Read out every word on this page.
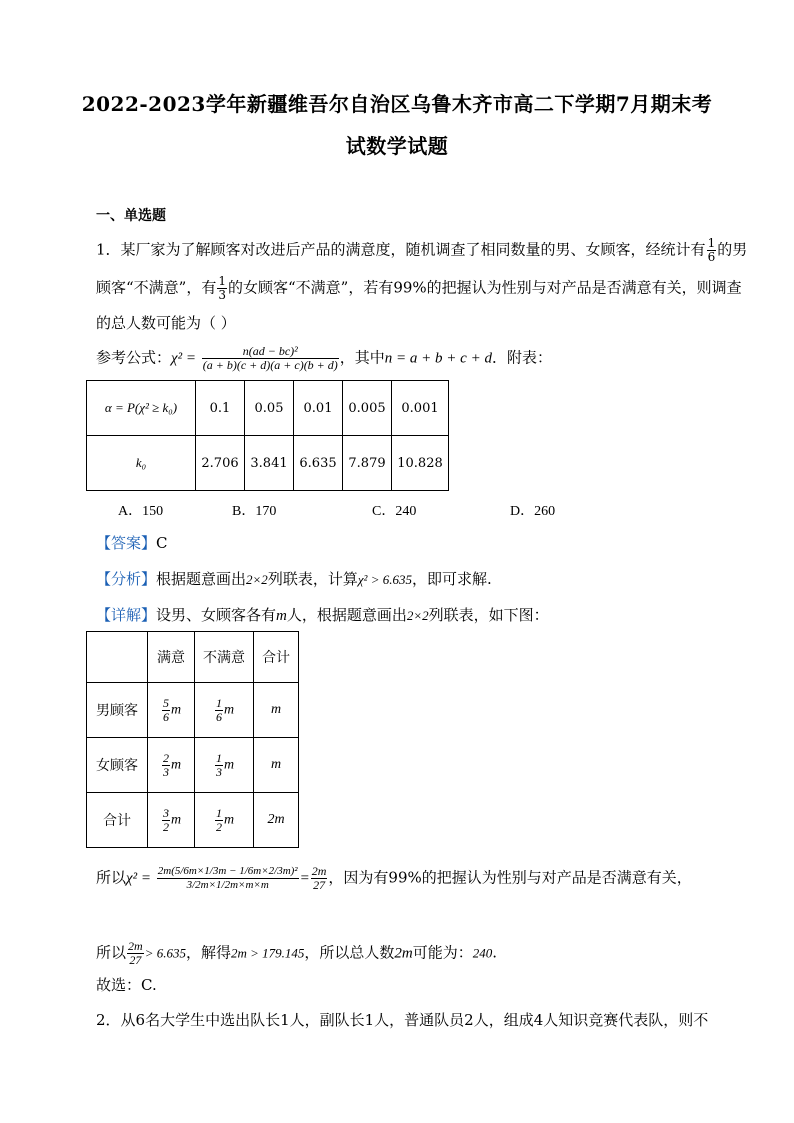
2022-2023学年新疆维吾尔自治区乌鲁木齐市高二下学期7月期末考
试数学试题
一、单选题
1．某厂家为了解顾客对改进后产品的满意度，随机调查了相同数量的男、女顾客，经统计有 $\frac{1}{6}$ 的男
顾客“不满意”，有 $\frac{1}{3}$ 的女顾客“不满意”，若有99%的把握认为性别与对产品是否满意有关，则调查
的总人数可能为（ ）
参考公式：$\chi^2 = \frac{\text{n(ad − bc)²}}{(a + b)(c + d)(a + c)(b + d)}$ ，其中n = a + b + c + d．附表：
α = P(χ² ≥ k₀)	0.1	0.05	0.01	0.005	0.001
k₀	2.706	3.841	6.635	7.879	10.828
A．150	B．170	C．240	D．260
【答案】C
【分析】根据题意画出2×2列联表，计算χ² > 6.635，即可求解.
【详解】设男、女顾客各有m人，根据题意画出2×2列联表，如下图：
	满意	不满意	合计
男顾客	$\frac{5}{6}$ m	$\frac{1}{6}$ m	m
女顾客	$\frac{2}{3}$ m	$\frac{1}{3}$ m	m
合计	$\frac{3}{2}$ m	$\frac{1}{2}$ m	2m
所以$\chi^2 = \frac{\text{2m(5/6m×1/3m − 1/6m×2/3m)²}}{3/2m\times 1/2m\times m\times m} = \frac{2m}{27}$ ，因为有99%的把握认为性别与对产品是否满意有关，
所以 $\frac{2m}{27} > 6.635$，解得2m > 179.145，所以总人数2m可能为：240.
故选：C.
2．从6名大学生中选出队长1人，副队长1人，普通队员2人，组成4人知识竞赛代表队，则不
